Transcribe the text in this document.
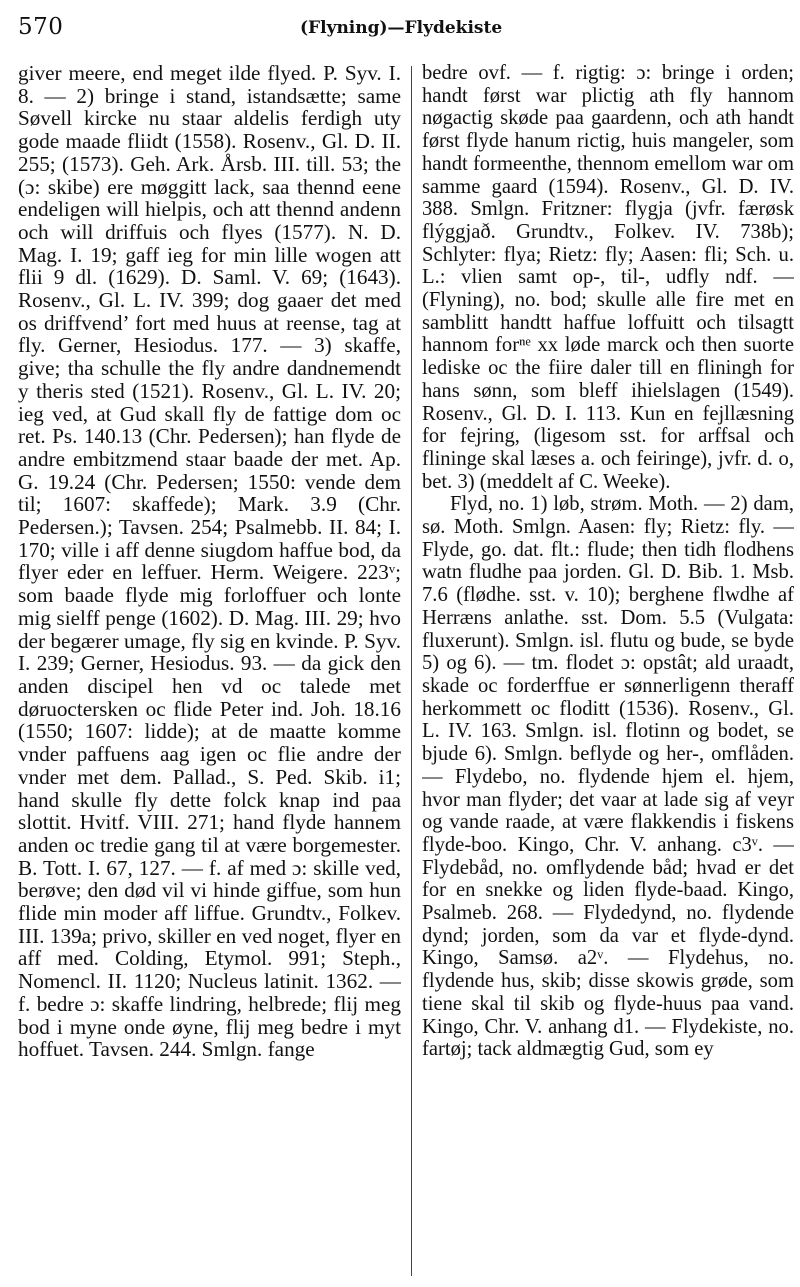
570	(Flyning)—Flydekiste

giver meere, end meget ilde flyed. P. Syv. I. 8. — 2) bringe i stand, istandsætte; same Søvell kircke nu staar aldelis ferdigh uty gode maade fliidt (1558). Rosenv., Gl. D. II. 255; (1573). Geh. Ark. Årsb. III. till. 53; the (ɔ: skibe) ere møggitt lack, saa thennd eene endeligen will hielpis, och att thennd andenn och will driffuis och flyes (1577). N. D. Mag. I. 19; gaff ieg for min lille wogen att flii 9 dl. (1629). D. Saml. V. 69; (1643). Rosenv., Gl. L. IV. 399; dog gaaer det med os driffvend’ fort med huus at reense, tag at fly. Gerner, Hesiodus. 177. — 3) skaffe, give; tha schulle the fly andre dandnemendt y theris sted (1521). Rosenv., Gl. L. IV. 20; ieg ved, at Gud skall fly de fattige dom oc ret. Ps. 140.13 (Chr. Pedersen); han flyde de andre embitzmend staar baade der met. Ap. G. 19.24 (Chr. Pedersen; 1550: vende dem til; 1607: skaffede); Mark. 3.9 (Chr. Pedersen.); Tavsen. 254; Psalmebb. II. 84; I. 170; ville i aff denne siugdom haffue bod, da flyer eder en leffuer. Herm. Weigere. 223ᵛ; som baade flyde mig forloffuer och lonte mig sielff penge (1602). D. Mag. III. 29; hvo der begærer umage, fly sig en kvinde. P. Syv. I. 239; Gerner, Hesiodus. 93. — da gick den anden discipel hen vd oc talede met døruoctersken oc flide Peter ind. Joh. 18.16 (1550; 1607: lidde); at de maatte komme vnder paffuens aag igen oc flie andre der vnder met dem. Pallad., S. Ped. Skib. i1; hand skulle fly dette folck knap ind paa slottit. Hvitf. VIII. 271; hand flyde hannem anden oc tredie gang til at være borgemester. B. Tott. I. 67, 127. — f. af med ɔ: skille ved, berøve; den død vil vi hinde giffue, som hun flide min moder aff liffue. Grundtv., Folkev. III. 139a; privo, skiller en ved noget, flyer en aff med. Colding, Etymol. 991; Steph., Nomencl. II. 1120; Nucleus latinit. 1362. — f. bedre ɔ: skaffe lindring, helbrede; flij meg bod i myne onde øyne, flij meg bedre i myt hoffuet. Tavsen. 244. Smlgn. fange

bedre ovf. — f. rigtig: ɔ: bringe i orden; handt først war plictig ath fly hannom nøgactig skøde paa gaardenn, och ath handt først flyde hanum rictig, huis mangeler, som handt formeenthe, thennom emellom war om samme gaard (1594). Rosenv., Gl. D. IV. 388. Smlgn. Fritzner: flygja (jvfr. færøsk flýggjað. Grundtv., Folkev. IV. 738b); Schlyter: flya; Rietz: fly; Aasen: fli; Sch. u. L.: vlien samt op-, til-, udfly ndf. — (Flyning), no. bod; skulle alle fire met en samblitt handtt haffue loffuitt och tilsagtt hannom forⁿᵉ xx løde marck och then suorte lediske oc the fiire daler till en fliningh for hans sønn, som bleff ihielslagen (1549). Rosenv., Gl. D. I. 113. Kun en fejllæsning for fejring, (ligesom sst. for arffsal och flininge skal læses a. och feiringe), jvfr. d. o, bet. 3) (meddelt af C. Weeke).

Flyd, no. 1) løb, strøm. Moth. — 2) dam, sø. Moth. Smlgn. Aasen: fly; Rietz: fly. — Flyde, go. dat. flt.: flude; then tidh flodhens watn fludhe paa jorden. Gl. D. Bib. 1. Msb. 7.6 (flødhe. sst. v. 10); berghene flwdhe af Herræns anlathe. sst. Dom. 5.5 (Vulgata: fluxerunt). Smlgn. isl. flutu og bude, se byde 5) og 6). — tm. flodet ɔ: opstât; ald uraadt, skade oc forderffue er sønnerligenn theraff herkommett oc floditt (1536). Rosenv., Gl. L. IV. 163. Smlgn. isl. flotinn og bodet, se bjude 6). Smlgn. beflyde og her-, omflåden. — Flydebo, no. flydende hjem el. hjem, hvor man flyder; det vaar at lade sig af veyr og vande raade, at være flakkendis i fiskens flyde-boo. Kingo, Chr. V. anhang. c3ᵛ. — Flydebåd, no. omflydende båd; hvad er det for en snekke og liden flyde-baad. Kingo, Psalmeb. 268. — Flydedynd, no. flydende dynd; jorden, som da var et flyde-dynd. Kingo, Samsø. a2ᵛ. — Flydehus, no. flydende hus, skib; disse skowis grøde, som tiene skal til skib og flyde-huus paa vand. Kingo, Chr. V. anhang d1. — Flydekiste, no. fartøj; tack aldmægtig Gud, som ey
